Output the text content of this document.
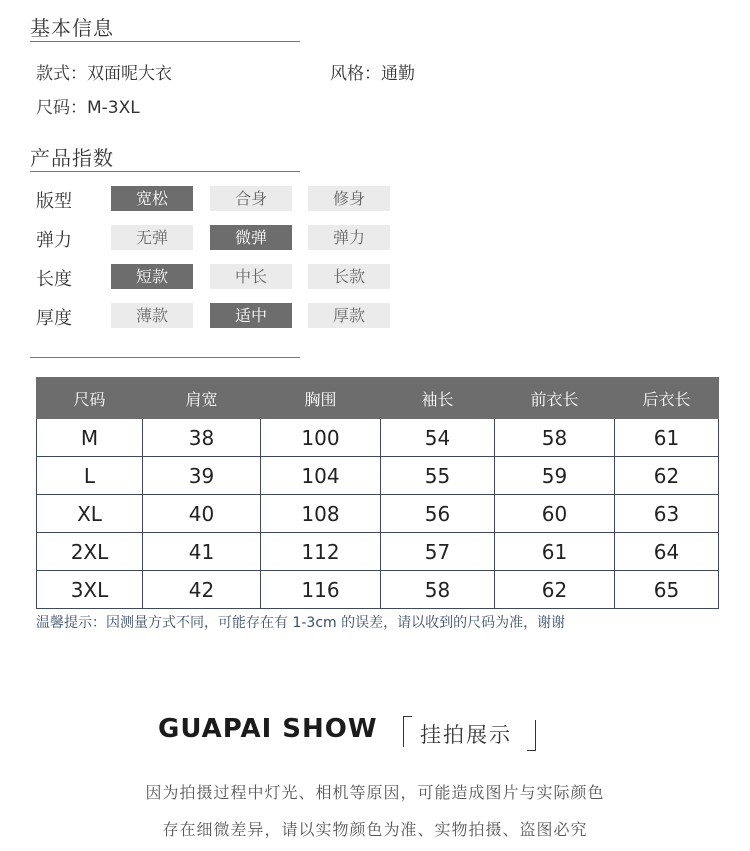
基本信息
款式：双面呢大衣	风格：通勤
尺码：M-3XL
产品指数
版型	宽松	合身	修身
弹力	无弹	微弹	弹力
长度	短款	中长	长款
厚度	薄款	适中	厚款
尺码	肩宽	胸围	袖长	前衣长	后衣长
M	38	100	54	58	61
L	39	104	55	59	62
XL	40	108	56	60	63
2XL	41	112	57	61	64
3XL	42	116	58	62	65
温馨提示：因测量方式不同，可能存在有 1-3cm 的误差，请以收到的尺码为准，谢谢
GUAPAI SHOW 挂拍展示
因为拍摄过程中灯光、相机等原因，可能造成图片与实际颜色
存在细微差异，请以实物颜色为准、实物拍摄、盗图必究
